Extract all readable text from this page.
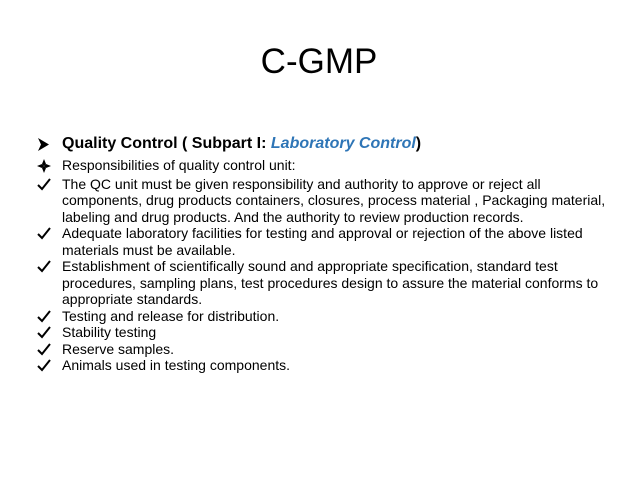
C-GMP
Quality Control ( Subpart I: Laboratory Control)
Responsibilities of quality control unit:
The QC unit must be given responsibility and authority to approve or reject all components, drug products containers, closures, process material , Packaging material, labeling and drug products. And the authority to review production records.
Adequate laboratory facilities for testing and approval or rejection of the above listed materials must be available.
Establishment of scientifically sound and appropriate specification, standard test procedures, sampling plans, test procedures design to assure the material conforms to appropriate standards.
Testing and release for distribution.
Stability testing
Reserve samples.
Animals used in testing components.
